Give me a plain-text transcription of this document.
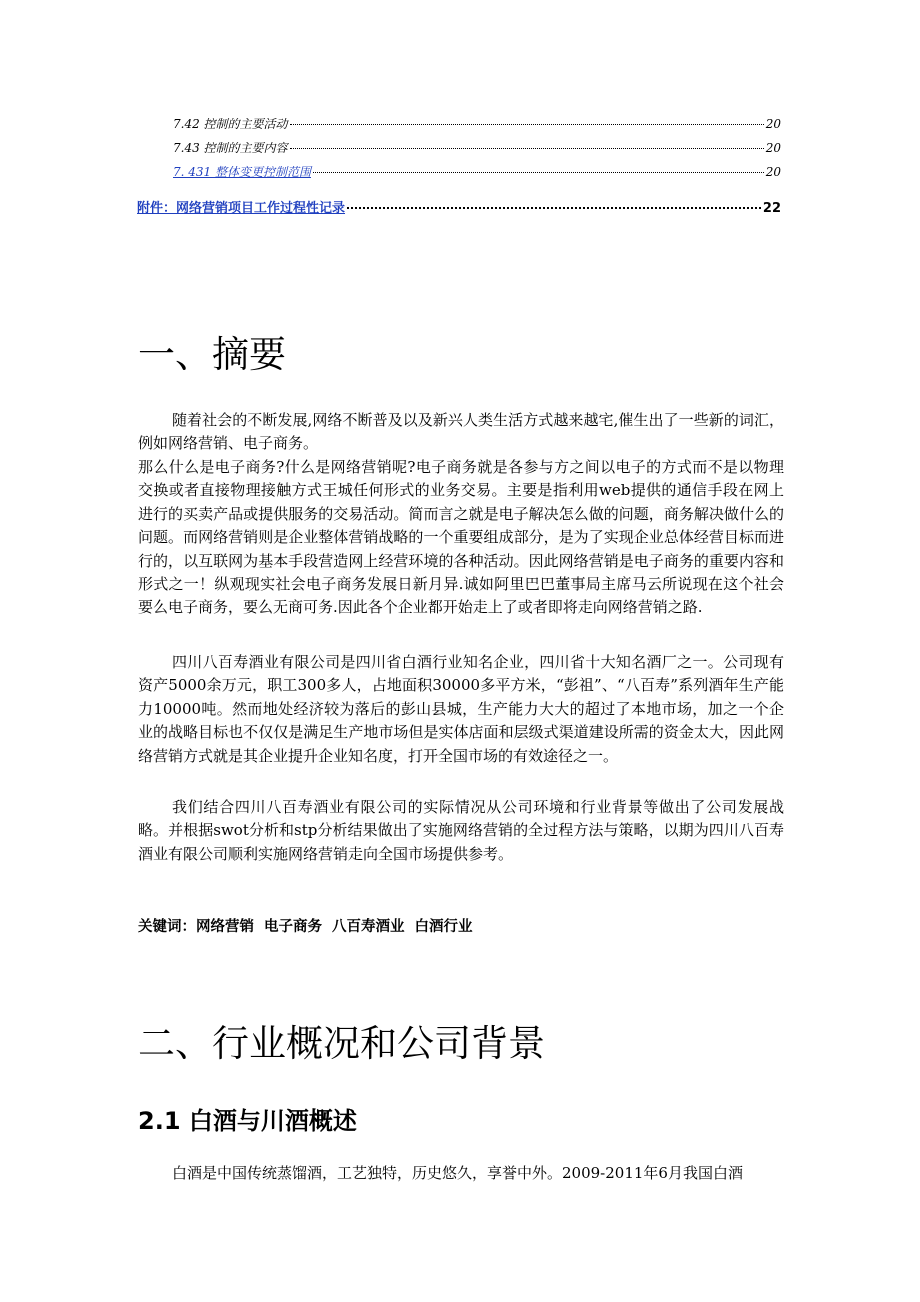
7.42 控制的主要活动	20
7.43 控制的主要内容	20
7. 431 整体变更控制范围	20
附件：网络营销项目工作过程性记录	22
一、摘要

随着社会的不断发展,网络不断普及以及新兴人类生活方式越来越宅,催生出了一些新的词汇，例如网络营销、电子商务。

那么什么是电子商务?什么是网络营销呢?电子商务就是各参与方之间以电子的方式而不是以物理交换或者直接物理接触方式王城任何形式的业务交易。主要是指利用web提供的通信手段在网上进行的买卖产品或提供服务的交易活动。简而言之就是电子解决怎么做的问题，商务解决做什么的问题。而网络营销则是企业整体营销战略的一个重要组成部分，是为了实现企业总体经营目标而进行的，以互联网为基本手段营造网上经营环境的各种活动。因此网络营销是电子商务的重要内容和形式之一！纵观现实社会电子商务发展日新月异.诚如阿里巴巴董事局主席马云所说现在这个社会要么电子商务，要么无商可务.因此各个企业都开始走上了或者即将走向网络营销之路.

四川八百寿酒业有限公司是四川省白酒行业知名企业，四川省十大知名酒厂之一。公司现有资产5000余万元，职工300多人，占地面积30000多平方米，“彭祖”、“八百寿”系列酒年生产能力10000吨。然而地处经济较为落后的彭山县城，生产能力大大的超过了本地市场，加之一个企业的战略目标也不仅仅是满足生产地市场但是实体店面和层级式渠道建设所需的资金太大，因此网络营销方式就是其企业提升企业知名度，打开全国市场的有效途径之一。

我们结合四川八百寿酒业有限公司的实际情况从公司环境和行业背景等做出了公司发展战略。并根据swot分析和stp分析结果做出了实施网络营销的全过程方法与策略，以期为四川八百寿酒业有限公司顺利实施网络营销走向全国市场提供参考。

关键词：网络营销 电子商务 八百寿酒业 白酒行业
二、行业概况和公司背景
2.1 白酒与川酒概述

白酒是中国传统蒸馏酒，工艺独特，历史悠久，享誉中外。2009-2011年6月我国白酒
